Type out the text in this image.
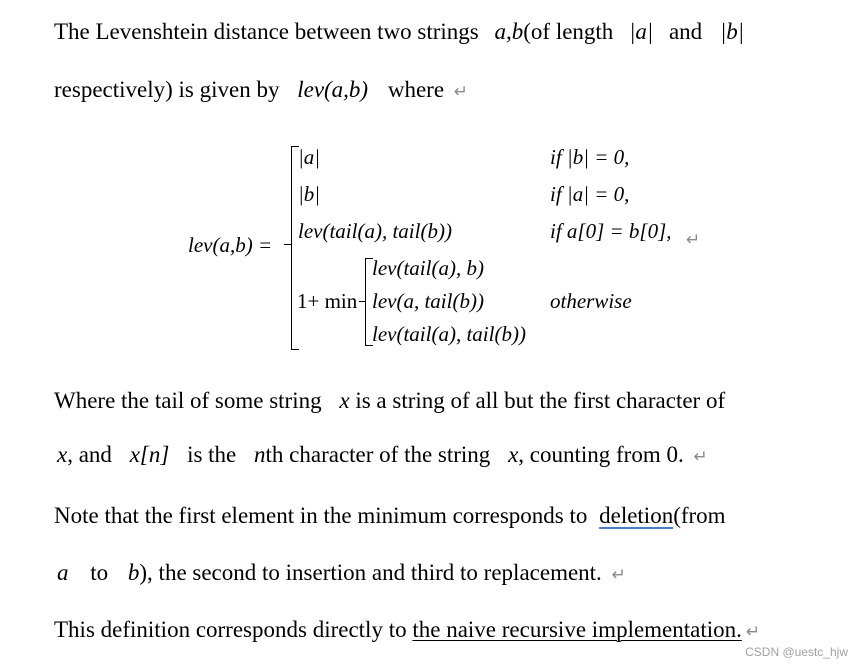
The Levenshtein distance between two strings a,b(of length |a| and |b|
respectively) is given by lev(a,b) where ↵
lev(a,b) =
|a|	if |b| = 0,
|b|	if |a| = 0,
lev(tail(a), tail(b))	if a[0] = b[0], ↵
1+ min
lev(tail(a), b)
lev(a, tail(b))
lev(tail(a), tail(b))
otherwise
Where the tail of some string x is a string of all but the first character of
x, and x[n] is the nth character of the string x, counting from 0. ↵
Note that the first element in the minimum corresponds to deletion(from
a to b), the second to insertion and third to replacement. ↵
This definition corresponds directly to the naive recursive implementation. ↵
CSDN @uestc_hjw
